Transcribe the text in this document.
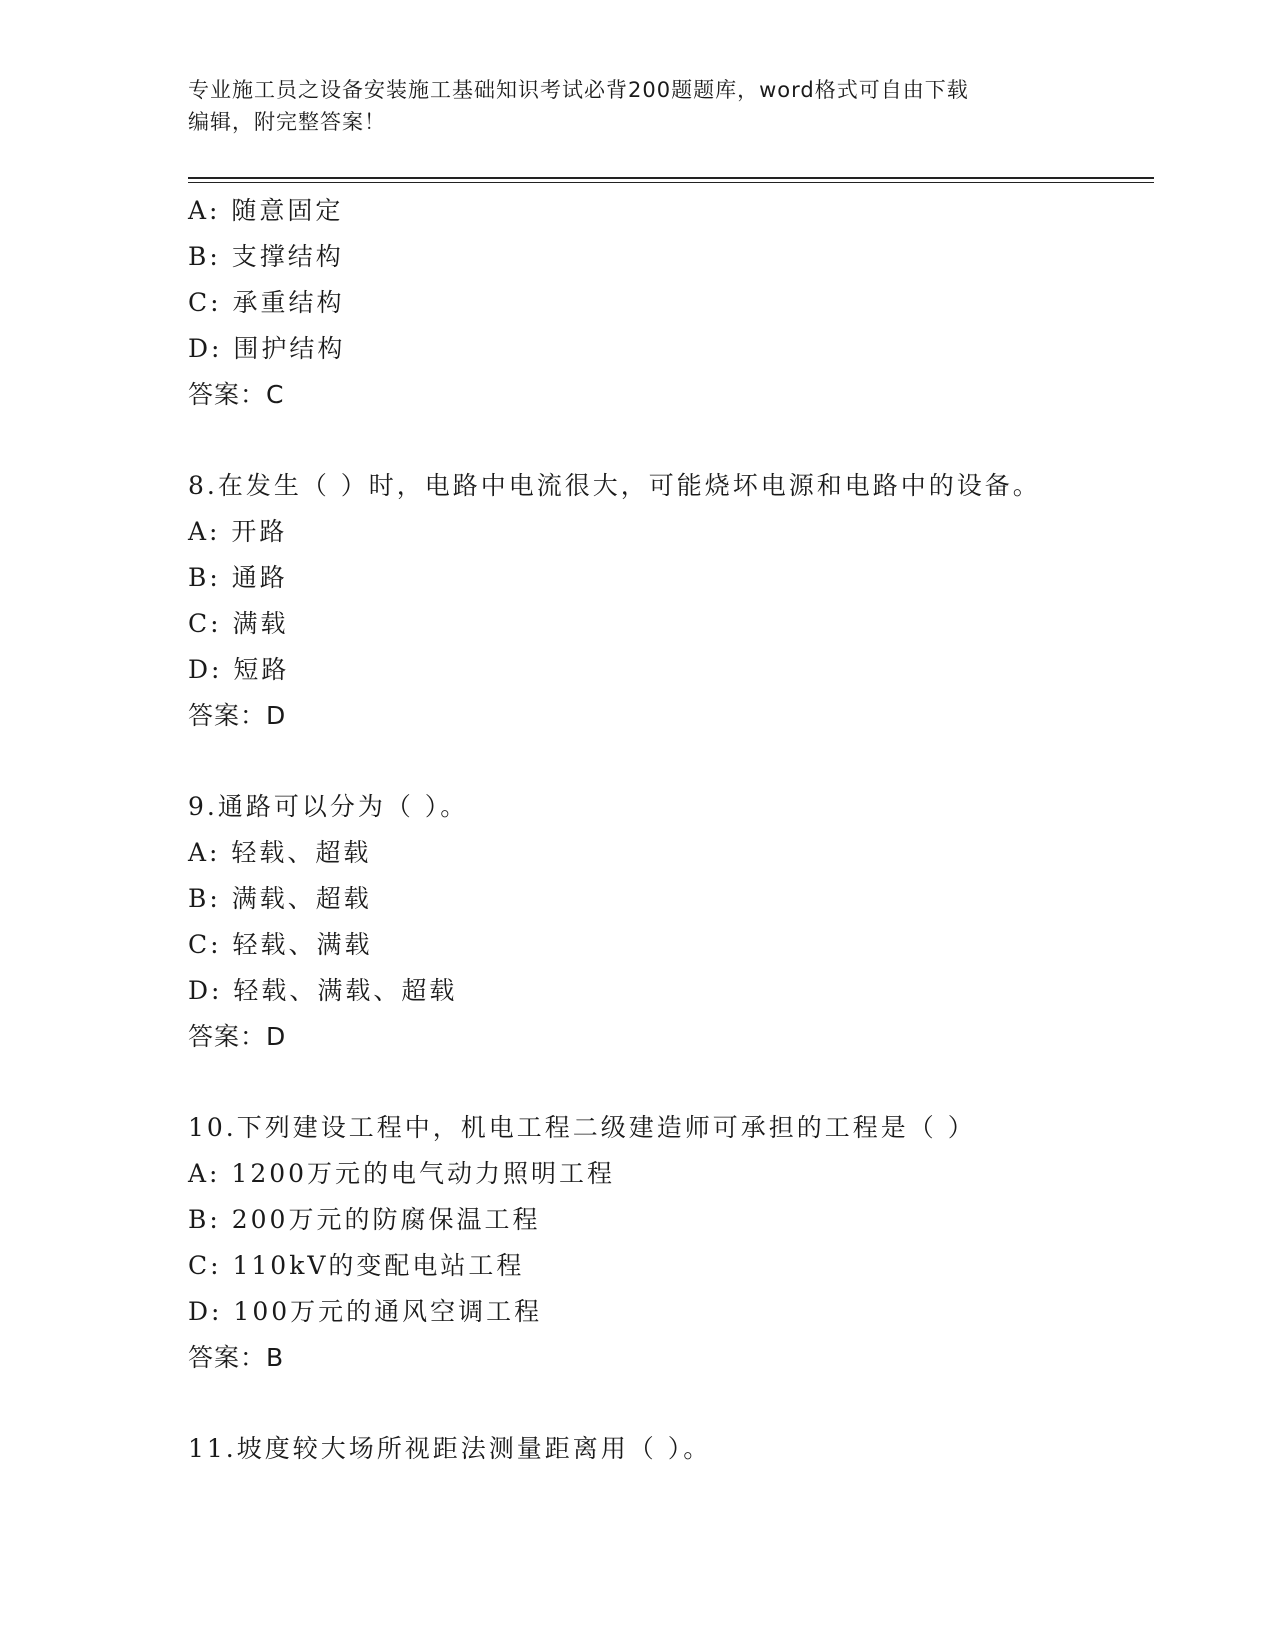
专业施工员之设备安装施工基础知识考试必背200题题库，word格式可自由下载
编辑，附完整答案！
A: 随意固定
B: 支撑结构
C: 承重结构
D: 围护结构
答案：C
8.在发生（ ）时，电路中电流很大，可能烧坏电源和电路中的设备。
A: 开路
B: 通路
C: 满载
D: 短路
答案：D
9.通路可以分为（ ）。
A: 轻载、超载
B: 满载、超载
C: 轻载、满载
D: 轻载、满载、超载
答案：D
10.下列建设工程中，机电工程二级建造师可承担的工程是（ ）
A: 1200万元的电气动力照明工程
B: 200万元的防腐保温工程
C: 110kV的变配电站工程
D: 100万元的通风空调工程
答案：B
11.坡度较大场所视距法测量距离用（ ）。
